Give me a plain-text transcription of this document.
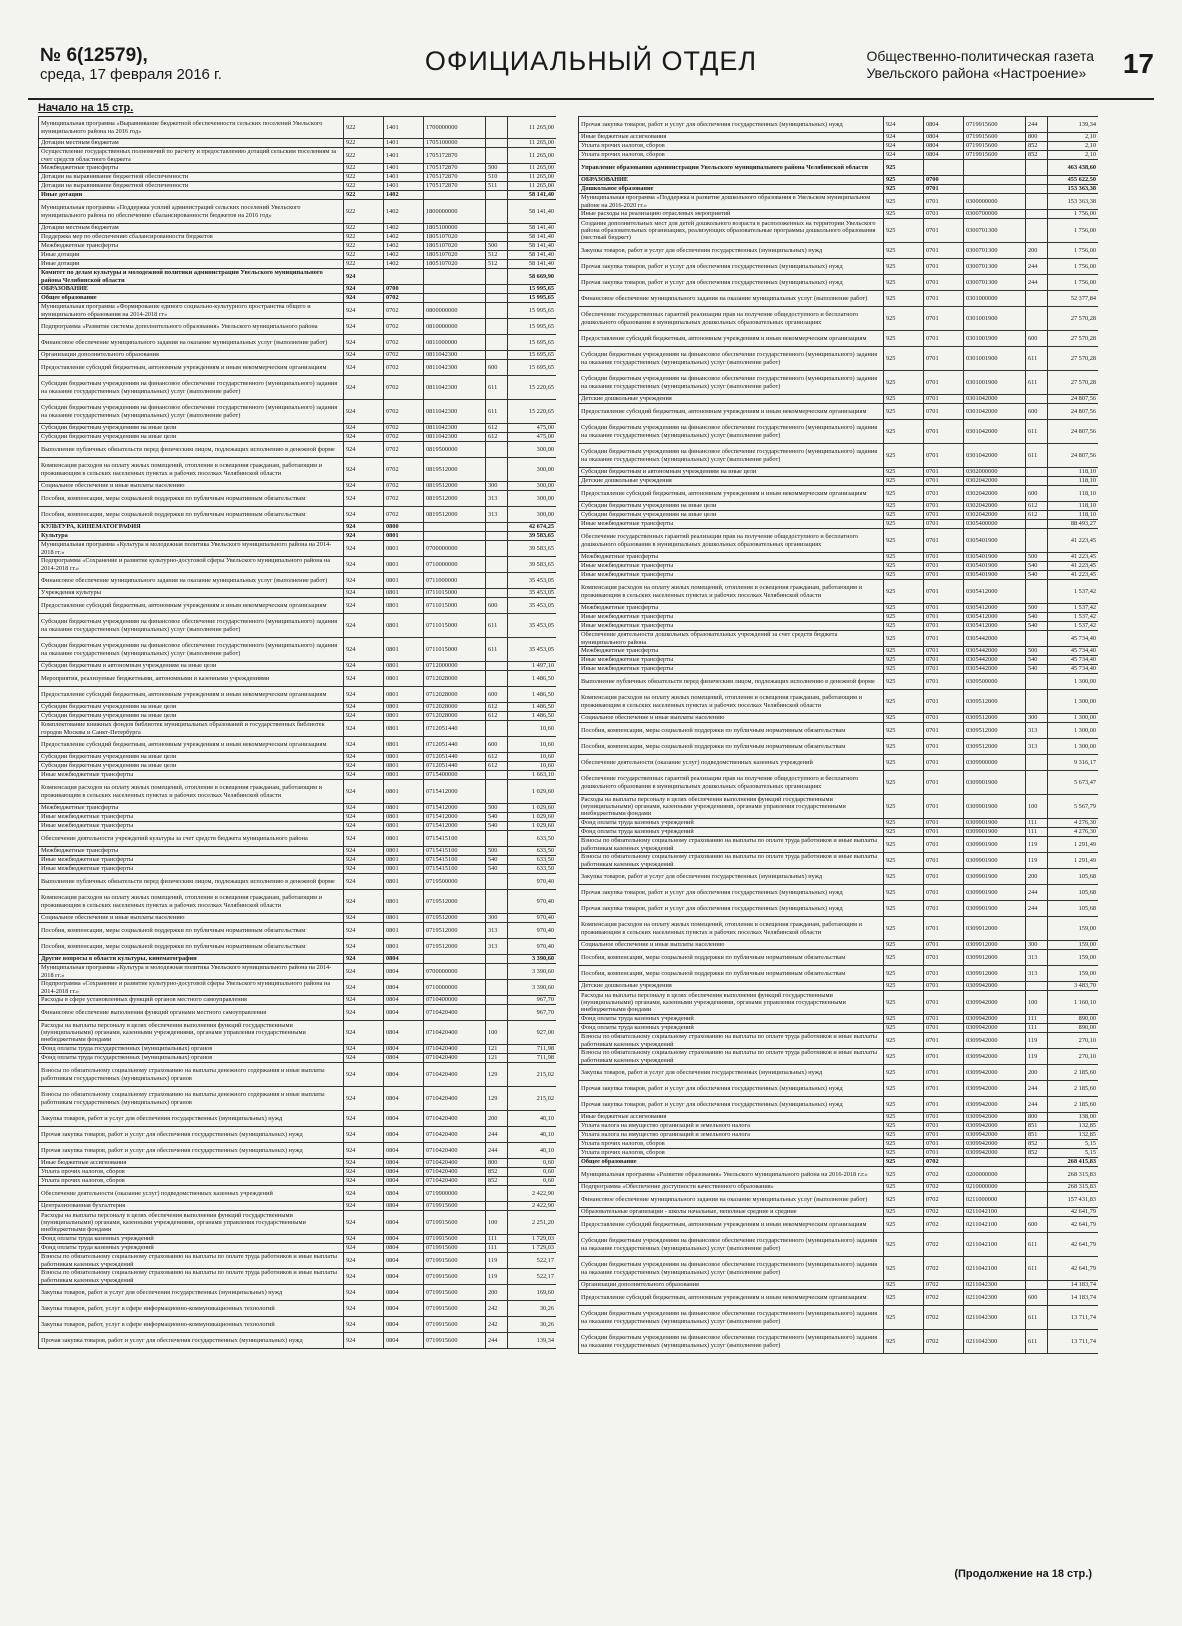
№ 6(12579),
среда, 17 февраля 2016 г.	ОФИЦИАЛЬНЫЙ ОТДЕЛ	Общественно-политическая газета
Увельского района «Настроение» 17
Начало на 15 стр.
Муниципальная программа «Выравнивание бюджетной обеспеченности сельских поселений Увельского муниципального района на 2016 год»	922	1401	1700000000		11 265,00
Дотации местным бюджетам	922	1401	1705100000		11 265,00
Осуществление государственных полномочий по расчету и предоставлению дотаций сельским поселениям за счет средств областного бюджета	922	1401	1705172870		11 265,00
Межбюджетные трансферты	922	1401	1705172870	500	11 265,00
Дотации на выравнивание бюджетной обеспеченности	922	1401	1705172870	510	11 265,00
Дотации на выравнивание бюджетной обеспеченности	922	1401	1705172870	511	11 265,00
Иные дотации	922	1402			58 141,40
Муниципальная программа «Поддержка усилий администраций сельских поселений Увельского муниципального района по обеспечению сбалансированности бюджетов на 2016 год»	922	1402	1800000000		58 141,40
Дотации местным бюджетам	922	1402	1805100000		58 141,40
Поддержка мер по обеспечению сбалансированности бюджетов	922	1402	1805107020		58 141,40
Межбюджетные трансферты	922	1402	1805107020	500	58 141,40
Иные дотации	922	1402	1805107020	512	58 141,40
Иные дотации	922	1402	1805107020	512	58 141,40
Комитет по делам культуры и молодежной политики администрации Увельского муниципального района Челябинской области	924				58 669,90
ОБРАЗОВАНИЕ	924	0700			15 995,65
Общее образование	924	0702			15 995,65
Муниципальная программа «Формирование единого социально-культурного пространства общего и муниципального образования на 2014-2018 гг»	924	0702	0800000000		15 995,65
Подпрограмма «Развитие системы дополнительного образования» Увельского муниципального района	924	0702	0810000000		15 995,65
Финансовое обеспечение муниципального задания на оказание муниципальных услуг (выполнение работ)	924	0702	0811000000		15 695,65
Организации дополнительного образования	924	0702	0811042300		15 695,65
Предоставление субсидий бюджетным, автономным учреждениям и иным некоммерческим организациям	924	0702	0811042300	600	15 695,65
Субсидии бюджетным учреждениям на финансовое обеспечение государственного (муниципального) задания на оказание государственных (муниципальных) услуг (выполнение работ)	924	0702	0811042300	611	15 220,65
Субсидии бюджетным учреждениям на финансовое обеспечение государственного (муниципального) задания на оказание государственных (муниципальных) услуг (выполнение работ)	924	0702	0811042300	611	15 220,65
Субсидии бюджетным учреждениям на иные цели	924	0702	0811042300	612	475,00
Субсидии бюджетным учреждениям на иные цели	924	0702	0811042300	612	475,00
Выполнение публичных обязательств перед физическим лицом, подлежащих исполнению в денежной форме	924	0702	0819500000		300,00
Компенсация расходов на оплату жилых помещений, отопления и освещения гражданам, работающим и проживающим в сельских населенных пунктах и рабочих поселках Челябинской области	924	0702	0819512000		300,00
Социальное обеспечение и иные выплаты населению	924	0702	0819512000	300	300,00
Пособия, компенсации, меры социальной поддержки по публичным нормативным обязательствам	924	0702	0819512000	313	300,00
Пособия, компенсации, меры социальной поддержки по публичным нормативным обязательствам	924	0702	0819512000	313	300,00
КУЛЬТУРА, КИНЕМАТОГРАФИЯ	924	0800			42 674,25
Культура	924	0801			39 583,65
Муниципальная программа «Культура и молодежная политика Увельского муниципального района на 2014-2018 гг.»	924	0801	0700000000		39 583,65
Подпрограмма «Сохранение и развитие культурно-досуговой сферы Увельского муниципального района на 2014-2018 гг.»	924	0801	0710000000		39 583,65
Финансовое обеспечение муниципального задания на оказание муниципальных услуг (выполнение работ)	924	0801	0711000000		35 453,05
Учреждения культуры	924	0801	0711015000		35 453,05
Предоставление субсидий бюджетным, автономным учреждениям и иным некоммерческим организациям	924	0801	0711015000	600	35 453,05
Субсидии бюджетным учреждениям на финансовое обеспечение государственного (муниципального) задания на оказание государственных (муниципальных) услуг (выполнение работ)	924	0801	0711015000	611	35 453,05
Субсидии бюджетным учреждениям на финансовое обеспечение государственного (муниципального) задания на оказание государственных (муниципальных) услуг (выполнение работ)	924	0801	0711015000	611	35 453,05
Субсидии бюджетным и автономным учреждениям на иные цели	924	0801	0712000000		1 497,10
Мероприятия, реализуемые бюджетными, автономными и казенными учреждениями	924	0801	0712028000		1 486,50
Предоставление субсидий бюджетным, автономным учреждениям и иным некоммерческим организациям	924	0801	0712028000	600	1 486,50
Субсидии бюджетным учреждениям на иные цели	924	0801	0712028000	612	1 486,50
Субсидии бюджетным учреждениям на иные цели	924	0801	0712028000	612	1 486,50
Комплектование книжных фондов библиотек муниципальных образований и государственных библиотек городов Москвы и Санкт-Петербурга	924	0801	0712051440		10,60
Предоставление субсидий бюджетным, автономным учреждениям и иным некоммерческим организациям	924	0801	0712051440	600	10,60
Субсидии бюджетным учреждениям на иные цели	924	0801	0712051440	612	10,60
Субсидии бюджетным учреждениям на иные цели	924	0801	0712051440	612	10,60
Иные межбюджетные трансферты	924	0801	0715400000		1 663,10
Компенсация расходов на оплату жилых помещений, отопления и освещения гражданам, работающим и проживающим в сельских населенных пунктах и рабочих поселках Челябинской области	924	0801	0715412000		1 029,60
Межбюджетные трансферты	924	0801	0715412000	500	1 029,60
Иные межбюджетные трансферты	924	0801	0715412000	540	1 029,60
Иные межбюджетные трансферты	924	0801	0715412000	540	1 029,60
Обеспечение деятельности учреждений культуры за счет средств бюджета муниципального района	924	0801	0715415100		633,50
Межбюджетные трансферты	924	0801	0715415100	500	633,50
Иные межбюджетные трансферты	924	0801	0715415100	540	633,50
Иные межбюджетные трансферты	924	0801	0715415100	540	633,50
Выполнение публичных обязательств перед физическим лицом, подлежащих исполнению в денежной форме	924	0801	0719500000		970,40
Компенсация расходов на оплату жилых помещений, отопления и освещения гражданам, работающим и проживающим в сельских населенных пунктах и рабочих поселках Челябинской области	924	0801	0719512000		970,40
Социальное обеспечение и иные выплаты населению	924	0801	0719512000	300	970,40
Пособия, компенсации, меры социальной поддержки по публичным нормативным обязательствам	924	0801	0719512000	313	970,40
Пособия, компенсации, меры социальной поддержки по публичным нормативным обязательствам	924	0801	0719512000	313	970,40
Другие вопросы в области культуры, кинематографии	924	0804			3 390,60
Муниципальная программа «Культура и молодежная политика Увельского муниципального района на 2014-2018 гг.»	924	0804	0700000000		3 390,60
Подпрограмма «Сохранение и развитие культурно-досуговой сферы Увельского муниципального района на 2014-2018 гг.»	924	0804	0710000000		3 390,60
Расходы в сфере установленных функций органов местного самоуправления	924	0804	0710400000		967,70
Финансовое обеспечение выполнения функций органами местного самоуправления	924	0804	0710420400		967,70
Расходы на выплаты персоналу в целях обеспечения выполнения функций государственными (муниципальными) органами, казенными учреждениями, органами управления государственными внебюджетными фондами	924	0804	0710420400	100	927,00
Фонд оплаты труда государственных (муниципальных) органов	924	0804	0710420400	121	711,98
Фонд оплаты труда государственных (муниципальных) органов	924	0804	0710420400	121	711,98
Взносы по обязательному социальному страхованию на выплаты денежного содержания и иные выплаты работникам государственных (муниципальных) органов	924	0804	0710420400	129	215,02
Взносы по обязательному социальному страхованию на выплаты денежного содержания и иные выплаты работникам государственных (муниципальных) органов	924	0804	0710420400	129	215,02
Закупка товаров, работ и услуг для обеспечения государственных (муниципальных) нужд	924	0804	0710420400	200	40,10
Прочая закупка товаров, работ и услуг для обеспечения государственных (муниципальных) нужд	924	0804	0710420400	244	40,10
Прочая закупка товаров, работ и услуг для обеспечения государственных (муниципальных) нужд	924	0804	0710420400	244	40,10
Иные бюджетные ассигнования	924	0804	0710420400	800	0,60
Уплата прочих налогов, сборов	924	0804	0710420400	852	0,60
Уплата прочих налогов, сборов	924	0804	0710420400	852	0,60
Обеспечение деятельности (оказание услуг) подведомственных казенных учреждений	924	0804	0719900000		2 422,90
Централизованная бухгалтерия	924	0804	0719915600		2 422,90
Расходы на выплаты персоналу в целях обеспечения выполнения функций государственными (муниципальными) органами, казенными учреждениями, органами управления государственными внебюджетными фондами	924	0804	0719915600	100	2 251,20
Фонд оплаты труда казенных учреждений	924	0804	0719915600	111	1 729,03
Фонд оплаты труда казенных учреждений	924	0804	0719915600	111	1 729,03
Взносы по обязательному социальному страхованию на выплаты по оплате труда работников и иные выплаты работникам казенных учреждений	924	0804	0719915600	119	522,17
Взносы по обязательному социальному страхованию на выплаты по оплате труда работников и иные выплаты работникам казенных учреждений	924	0804	0719915600	119	522,17
Закупка товаров, работ и услуг для обеспечения государственных (муниципальных) нужд	924	0804	0719915600	200	169,60
Закупка товаров, работ, услуг в сфере информационно-коммуникационных технологий	924	0804	0719915600	242	30,26
Закупка товаров, работ, услуг в сфере информационно-коммуникационных технологий	924	0804	0719915600	242	30,26
Прочая закупка товаров, работ и услуг для обеспечения государственных (муниципальных) нужд	924	0804	0719915600	244	139,34
Прочая закупка товаров, работ и услуг для обеспечения государственных (муниципальных) нужд	924	0804	0719915600	244	139,34
Иные бюджетные ассигнования	924	0804	0719915600	800	2,10
Уплата прочих налогов, сборов	924	0804	0719915600	852	2,10
Уплата прочих налогов, сборов	924	0804	0719915600	852	2,10
Управление образования администрации Увельского муниципального района Челябинской области	925				463 438,60
ОБРАЗОВАНИЕ	925	0700			455 622,50
Дошкольное образование	925	0701			153 363,38
Муниципальная программа «Поддержка и развитие дошкольного образования в Увельском муниципальном районе на 2016-2020 гг.»	925	0701	0300000000		153 363,38
Иные расходы на реализацию отраслевых мероприятий	925	0701	0300700000		1 756,00
Создание дополнительных мест для детей дошкольного возраста в расположенных на территории Увельского района образовательных организациях, реализующих образовательные программы дошкольного образования (местный бюджет)	925	0701	0300701300		1 756,00
Закупка товаров, работ и услуг для обеспечения государственных (муниципальных) нужд	925	0701	0300701300	200	1 756,00
Прочая закупка товаров, работ и услуг для обеспечения государственных (муниципальных) нужд	925	0701	0300701300	244	1 756,00
Прочая закупка товаров, работ и услуг для обеспечения государственных (муниципальных) нужд	925	0701	0300701300	244	1 756,00
Финансовое обеспечение муниципального задания на оказание муниципальных услуг (выполнение работ)	925	0701	0301000000		52 377,84
Обеспечение государственных гарантий реализации прав на получение общедоступного и бесплатного дошкольного образования в муниципальных дошкольных образовательных организациях	925	0701	0301001900		27 570,28
Предоставление субсидий бюджетным, автономным учреждениям и иным некоммерческим организациям	925	0701	0301001900	600	27 570,28
Субсидии бюджетным учреждениям на финансовое обеспечение государственного (муниципального) задания на оказание государственных (муниципальных) услуг (выполнение работ)	925	0701	0301001900	611	27 570,28
Субсидии бюджетным учреждениям на финансовое обеспечение государственного (муниципального) задания на оказание государственных (муниципальных) услуг (выполнение работ)	925	0701	0301001900	611	27 570,28
Детские дошкольные учреждения	925	0701	0301042000		24 807,56
Предоставление субсидий бюджетным, автономным учреждениям и иным некоммерческим организациям	925	0701	0301042000	600	24 807,56
Субсидии бюджетным учреждениям на финансовое обеспечение государственного (муниципального) задания на оказание государственных (муниципальных) услуг (выполнение работ)	925	0701	0301042000	611	24 807,56
Субсидии бюджетным учреждениям на финансовое обеспечение государственного (муниципального) задания на оказание государственных (муниципальных) услуг (выполнение работ)	925	0701	0301042000	611	24 807,56
Субсидии бюджетным и автономным учреждениям на иные цели	925	0701	0302000000		118,10
Детские дошкольные учреждения	925	0701	0302042000		118,10
Предоставление субсидий бюджетным, автономным учреждениям и иным некоммерческим организациям	925	0701	0302042000	600	118,10
Субсидии бюджетным учреждениям на иные цели	925	0701	0302042000	612	118,10
Субсидии бюджетным учреждениям на иные цели	925	0701	0302042000	612	118,10
Иные межбюджетные трансферты	925	0701	0305400000		88 493,27
Обеспечение государственных гарантий реализации прав на получение общедоступного и бесплатного дошкольного образования в муниципальных дошкольных образовательных организациях	925	0701	0305401900		41 223,45
Межбюджетные трансферты	925	0701	0305401900	500	41 223,45
Иные межбюджетные трансферты	925	0701	0305401900	540	41 223,45
Иные межбюджетные трансферты	925	0701	0305401900	540	41 223,45
Компенсация расходов на оплату жилых помещений, отопления и освещения гражданам, работающим и проживающим в сельских населенных пунктах и рабочих поселках Челябинской области	925	0701	0305412000		1 537,42
Межбюджетные трансферты	925	0701	0305412000	500	1 537,42
Иные межбюджетные трансферты	925	0701	0305412000	540	1 537,42
Иные межбюджетные трансферты	925	0701	0305412000	540	1 537,42
Обеспечение деятельности дошкольных образовательных учреждений за счет средств бюджета муниципального района	925	0701	0305442000		45 734,40
Межбюджетные трансферты	925	0701	0305442000	500	45 734,40
Иные межбюджетные трансферты	925	0701	0305442000	540	45 734,40
Иные межбюджетные трансферты	925	0701	0305442000	540	45 734,40
Выполнение публичных обязательств перед физическим лицом, подлежащих исполнению в денежной форме	925	0701	0309500000		1 300,00
Компенсация расходов на оплату жилых помещений, отопления и освещения гражданам, работающим и проживающим в сельских населенных пунктах и рабочих поселках Челябинской области	925	0701	0309512000		1 300,00
Социальное обеспечение и иные выплаты населению	925	0701	0309512000	300	1 300,00
Пособия, компенсации, меры социальной поддержки по публичным нормативным обязательствам	925	0701	0309512000	313	1 300,00
Пособия, компенсации, меры социальной поддержки по публичным нормативным обязательствам	925	0701	0309512000	313	1 300,00
Обеспечение деятельности (оказание услуг) подведомственных казенных учреждений	925	0701	0309900000		9 316,17
Обеспечение государственных гарантий реализации прав на получение общедоступного и бесплатного дошкольного образования в муниципальных дошкольных образовательных организациях	925	0701	0309901900		5 673,47
Расходы на выплаты персоналу в целях обеспечения выполнения функций государственными (муниципальными) органами, казенными учреждениями, органами управления государственными внебюджетными фондами	925	0701	0309901900	100	5 567,79
Фонд оплаты труда казенных учреждений	925	0701	0309901900	111	4 276,30
Фонд оплаты труда казенных учреждений	925	0701	0309901900	111	4 276,30
Взносы по обязательному социальному страхованию на выплаты по оплате труда работников и иные выплаты работникам казенных учреждений	925	0701	0309901900	119	1 291,49
Взносы по обязательному социальному страхованию на выплаты по оплате труда работников и иные выплаты работникам казенных учреждений	925	0701	0309901900	119	1 291,49
Закупка товаров, работ и услуг для обеспечения государственных (муниципальных) нужд	925	0701	0309901900	200	105,68
Прочая закупка товаров, работ и услуг для обеспечения государственных (муниципальных) нужд	925	0701	0309901900	244	105,68
Прочая закупка товаров, работ и услуг для обеспечения государственных (муниципальных) нужд	925	0701	0309901900	244	105,68
Компенсация расходов на оплату жилых помещений, отопления и освещения гражданам, работающим и проживающим в сельских населенных пунктах и рабочих поселках Челябинской области	925	0701	0309912000		159,00
Социальное обеспечение и иные выплаты населению	925	0701	0309912000	300	159,00
Пособия, компенсации, меры социальной поддержки по публичным нормативным обязательствам	925	0701	0309912000	313	159,00
Пособия, компенсации, меры социальной поддержки по публичным нормативным обязательствам	925	0701	0309912000	313	159,00
Детские дошкольные учреждения	925	0701	0309942000		3 483,70
Расходы на выплаты персоналу в целях обеспечения выполнения функций государственными (муниципальными) органами, казенными учреждениями, органами управления государственными внебюджетными фондами	925	0701	0309942000	100	1 160,10
Фонд оплаты труда казенных учреждений	925	0701	0309942000	111	890,00
Фонд оплаты труда казенных учреждений	925	0701	0309942000	111	890,00
Взносы по обязательному социальному страхованию на выплаты по оплате труда работников и иные выплаты работникам казенных учреждений	925	0701	0309942000	119	270,10
Взносы по обязательному социальному страхованию на выплаты по оплате труда работников и иные выплаты работникам казенных учреждений	925	0701	0309942000	119	270,10
Закупка товаров, работ и услуг для обеспечения государственных (муниципальных) нужд	925	0701	0309942000	200	2 185,60
Прочая закупка товаров, работ и услуг для обеспечения государственных (муниципальных) нужд	925	0701	0309942000	244	2 185,60
Прочая закупка товаров, работ и услуг для обеспечения государственных (муниципальных) нужд	925	0701	0309942000	244	2 185,60
Иные бюджетные ассигнования	925	0701	0309942000	800	138,00
Уплата налога на имущество организаций и земельного налога	925	0701	0309942000	851	132,85
Уплата налога на имущество организаций и земельного налога	925	0701	0309942000	851	132,85
Уплата прочих налогов, сборов	925	0701	0309942000	852	5,15
Уплата прочих налогов, сборов	925	0701	0309942000	852	5,15
Общее образование	925	0702			268 415,83
Муниципальная программа «Развитие образования» Увельского муниципального района на 2016-2018 г.г.»	925	0702	0200000000		268 315,83
Подпрограмма «Обеспечение доступности качественного образования»	925	0702	0210000000		268 315,83
Финансовое обеспечение муниципального задания на оказание муниципальных услуг (выполнение работ)	925	0702	0211000000		157 431,83
Образовательные организации - школы начальные, неполные средние и средние	925	0702	0211042100		42 641,79
Предоставление субсидий бюджетным, автономным учреждениям и иным некоммерческим организациям	925	0702	0211042100	600	42 641,79
Субсидии бюджетным учреждениям на финансовое обеспечение государственного (муниципального) задания на оказание государственных (муниципальных) услуг (выполнение работ)	925	0702	0211042100	611	42 641,79
Субсидии бюджетным учреждениям на финансовое обеспечение государственного (муниципального) задания на оказание государственных (муниципальных) услуг (выполнение работ)	925	0702	0211042100	611	42 641,79
Организации дополнительного образования	925	0702	0211042300		14 183,74
Предоставление субсидий бюджетным, автономным учреждениям и иным некоммерческим организациям	925	0702	0211042300	600	14 183,74
Субсидии бюджетным учреждениям на финансовое обеспечение государственного (муниципального) задания на оказание государственных (муниципальных) услуг (выполнение работ)	925	0702	0211042300	611	13 711,74
Субсидии бюджетным учреждениям на финансовое обеспечение государственного (муниципального) задания на оказание государственных (муниципальных) услуг (выполнение работ)	925	0702	0211042300	611	13 711,74
(Продолжение на 18 стр.)
